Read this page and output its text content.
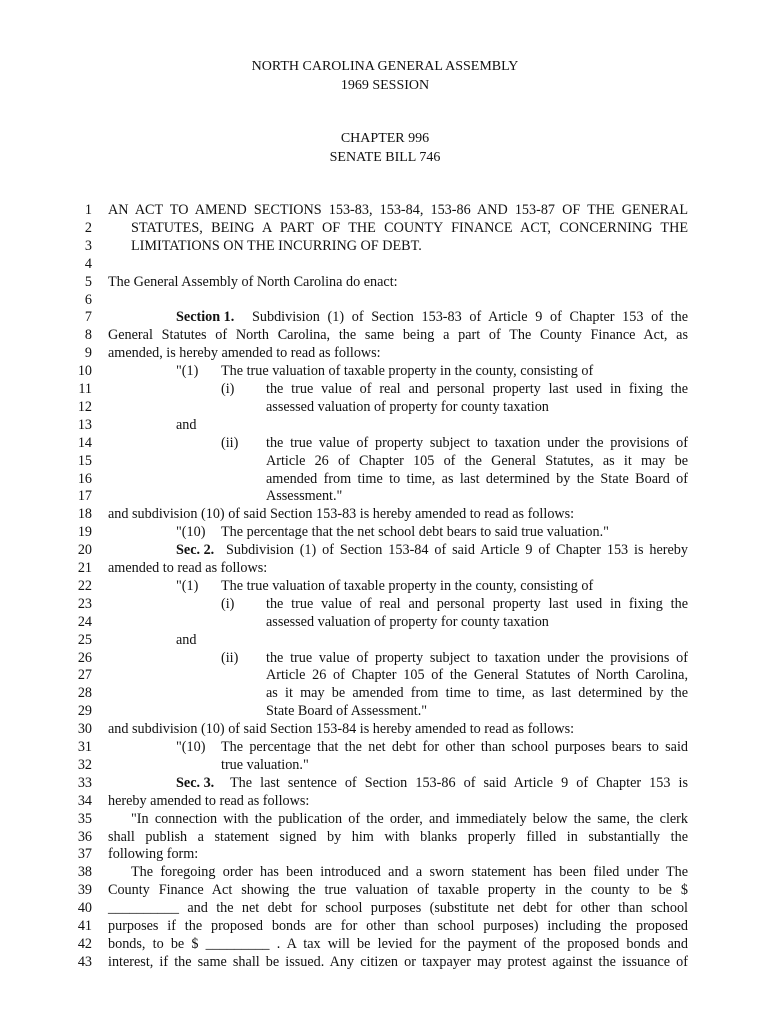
NORTH CAROLINA GENERAL ASSEMBLY
1969 SESSION
CHAPTER 996
SENATE BILL 746
1 AN ACT TO AMEND SECTIONS 153-83, 153-84, 153-86 AND 153-87 OF THE GENERAL
2	STATUTES, BEING A PART OF THE COUNTY FINANCE ACT, CONCERNING THE
3	LIMITATIONS ON THE INCURRING OF DEBT.
4
5 The General Assembly of North Carolina do enact:
6
7	Section 1. Subdivision (1) of Section 153-83 of Article 9 of Chapter 153 of the
8 General Statutes of North Carolina, the same being a part of The County Finance Act, as
9 amended, is hereby amended to read as follows:
10	"(1) The true valuation of taxable property in the county, consisting of
11	(i) the true value of real and personal property last used in fixing the
12	assessed valuation of property for county taxation
13	and
14	(ii) the true value of property subject to taxation under the provisions of
15	Article 26 of Chapter 105 of the General Statutes, as it may be
16	amended from time to time, as last determined by the State Board of
17	Assessment."
18 and subdivision (10) of said Section 153-83 is hereby amended to read as follows:
19	"(10) The percentage that the net school debt bears to said true valuation."
20	Sec. 2. Subdivision (1) of Section 153-84 of said Article 9 of Chapter 153 is hereby
21 amended to read as follows:
22	"(1) The true valuation of taxable property in the county, consisting of
23	(i) the true value of real and personal property last used in fixing the
24	assessed valuation of property for county taxation
25	and
26	(ii) the true value of property subject to taxation under the provisions of
27	Article 26 of Chapter 105 of the General Statutes of North Carolina,
28	as it may be amended from time to time, as last determined by the
29	State Board of Assessment."
30 and subdivision (10) of said Section 153-84 is hereby amended to read as follows:
31	"(10) The percentage that the net debt for other than school purposes bears to said
32	true valuation."
33	Sec. 3. The last sentence of Section 153-86 of said Article 9 of Chapter 153 is
34 hereby amended to read as follows:
35	"In connection with the publication of the order, and immediately below the same, the clerk
36 shall publish a statement signed by him with blanks properly filled in substantially the
37 following form:
38	The foregoing order has been introduced and a sworn statement has been filed under The
39 County Finance Act showing the true valuation of taxable property in the county to be $
40 __________ and the net debt for school purposes (substitute net debt for other than school
41 purposes if the proposed bonds are for other than school purposes) including the proposed
42 bonds, to be $ _________ . A tax will be levied for the payment of the proposed bonds and
43 interest, if the same shall be issued. Any citizen or taxpayer may protest against the issuance of
